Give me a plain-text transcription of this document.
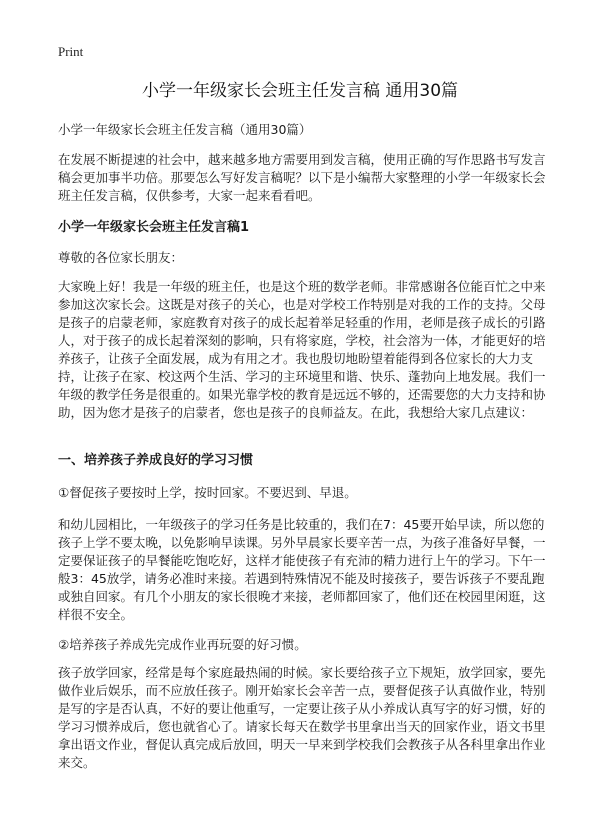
Print
小学一年级家长会班主任发言稿 通用30篇

小学一年级家长会班主任发言稿（通用30篇）

在发展不断提速的社会中，越来越多地方需要用到发言稿，使用正确的写作思路书写发言稿会更加事半功倍。那要怎么写好发言稿呢？以下是小编帮大家整理的小学一年级家长会班主任发言稿，仅供参考，大家一起来看看吧。

小学一年级家长会班主任发言稿1

尊敬的各位家长朋友：

大家晚上好！我是一年级的班主任，也是这个班的数学老师。非常感谢各位能百忙之中来参加这次家长会。这既是对孩子的关心，也是对学校工作特别是对我的工作的支持。父母是孩子的启蒙老师，家庭教育对孩子的成长起着举足轻重的作用，老师是孩子成长的引路人，对于孩子的成长起着深刻的影响，只有将家庭，学校，社会溶为一体，才能更好的培养孩子，让孩子全面发展，成为有用之才。我也殷切地盼望着能得到各位家长的大力支持，让孩子在家、校这两个生活、学习的主环境里和谐、快乐、蓬勃向上地发展。我们一年级的教学任务是很重的。如果光靠学校的教育是远远不够的，还需要您的大力支持和协助，因为您才是孩子的启蒙者，您也是孩子的良师益友。在此，我想给大家几点建议：

一、培养孩子养成良好的学习习惯

①督促孩子要按时上学，按时回家。不要迟到、早退。

和幼儿园相比，一年级孩子的学习任务是比较重的，我们在7：45要开始早读，所以您的孩子上学不要太晚，以免影响早读课。另外早晨家长要辛苦一点，为孩子准备好早餐，一定要保证孩子的早餐能吃饱吃好，这样才能使孩子有充沛的精力进行上午的学习。下午一般3：45放学，请务必准时来接。若遇到特殊情况不能及时接孩子，要告诉孩子不要乱跑或独自回家。有几个小朋友的家长很晚才来接，老师都回家了，他们还在校园里闲逛，这样很不安全。

②培养孩子养成先完成作业再玩耍的好习惯。

孩子放学回家，经常是每个家庭最热闹的时候。家长要给孩子立下规矩，放学回家，要先做作业后娱乐，而不应放任孩子。刚开始家长会辛苦一点，要督促孩子认真做作业，特别是写的字是否认真，不好的要让他重写，一定要让孩子从小养成认真写字的好习惯，好的学习习惯养成后，您也就省心了。请家长每天在数学书里拿出当天的回家作业，语文书里拿出语文作业，督促认真完成后放回，明天一早来到学校我们会教孩子从各科里拿出作业来交。
